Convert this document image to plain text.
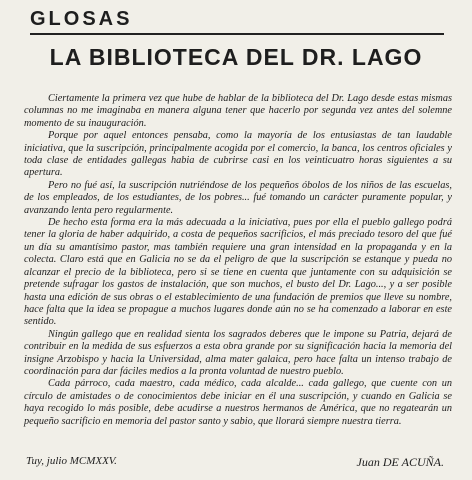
GLOSAS
LA BIBLIOTECA DEL DR. LAGO

Ciertamente la primera vez que hube de hablar de la biblioteca del Dr. Lago desde estas mismas columnas no me imaginaba en manera alguna tener que hacerlo por segunda vez antes del solemne momento de su inauguración.

Porque por aquel entonces pensaba, como la mayoría de los entusiastas de tan laudable iniciativa, que la suscripción, principalmente acogida por el comercio, la banca, los centros oficiales y toda clase de entidades gallegas habia de cubrirse casi en los veinticuatro horas siguientes a su apertura.

Pero no fué así, la suscripción nutriéndose de los pequeños óbolos de los niños de las escuelas, de los empleados, de los estudiantes, de los pobres... fué tomando un carácter puramente popular, y avanzando lenta pero regularmente.

De hecho esta forma era la más adecuada a la iniciativa, pues por ella el pueblo gallego podrá tener la gloria de haber adquirido, a costa de pequeños sacrificios, el más preciado tesoro del que fué un día su amantísimo pastor, mas también requiere una gran intensidad en la propaganda y en la colecta. Claro está que en Galicia no se da el peligro de que la suscripción se estanque y pueda no alcanzar el precio de la biblioteca, pero si se tiene en cuenta que juntamente con su adquisición se pretende sufragar los gastos de instalación, que son muchos, el busto del Dr. Lago..., y a ser posible hasta una edición de sus obras o el establecimiento de una fundación de premios que lleve su nombre, hace falta que la idea se propague a muchos lugares donde aún no se ha comenzado a laborar en este sentido.

Ningún gallego que en realidad sienta los sagrados deberes que le impone su Patria, dejará de contribuir en la medida de sus esfuerzos a esta obra grande por su significación hacia la memoria del insigne Arzobispo y hacia la Universidad, alma mater galaica, pero hace falta un intenso trabajo de coordinación para dar fáciles medios a la pronta voluntad de nuestro pueblo.

Cada párroco, cada maestro, cada médico, cada alcalde... cada gallego, que cuente con un círculo de amistades o de conocimientos debe iniciar en él una suscripción, y cuando en Galicia se haya recogido lo más posible, debe acudirse a nuestros hermanos de América, que no regatearán un pequeño sacrificio en memoria del pastor santo y sabio, que llorará siempre nuestra tierra.

Tuy, julio MCMXXV.	Juan DE ACUÑA.
